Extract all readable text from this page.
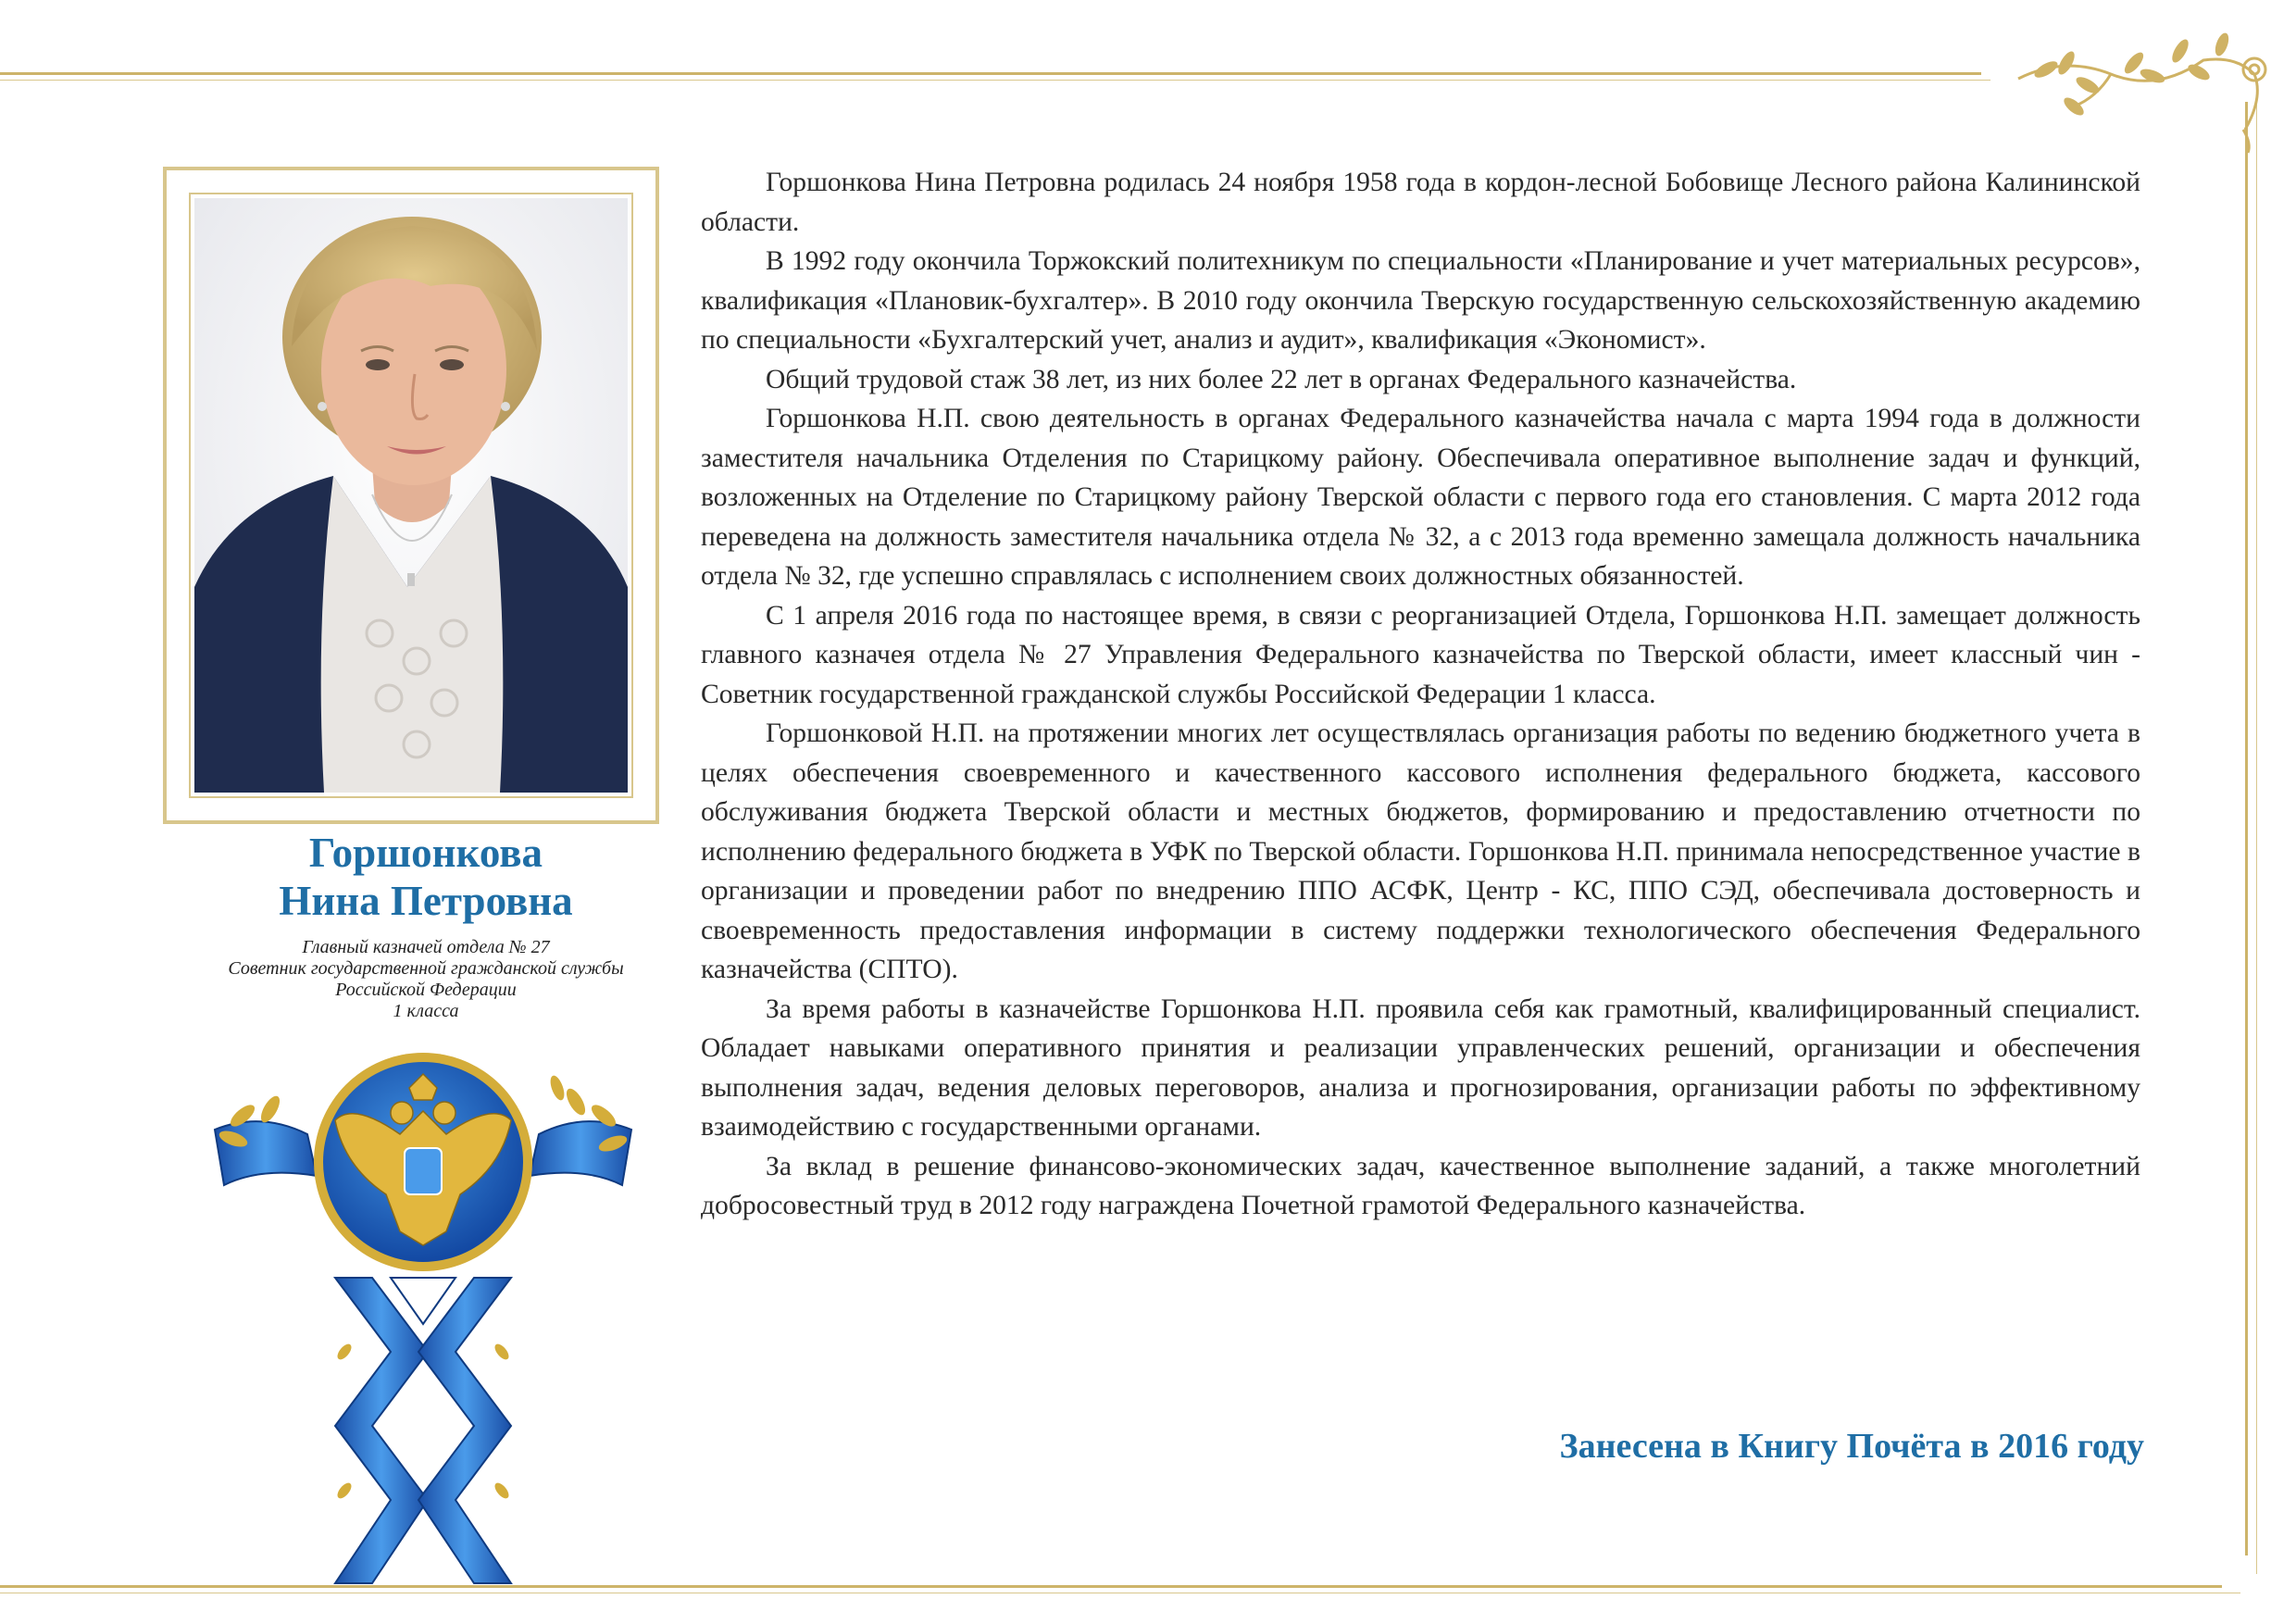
Горшонкова
Нина Петровна
Главный казначей отдела № 27
Советник государственной гражданской службы
Российской Федерации
1 класса

Горшонкова Нина Петровна родилась 24 ноября 1958 года в кордон-лесной Бобовище Лесного района Калининской области.

В 1992 году окончила Торжокский политехникум по специальности «Планирование и учет материальных ресурсов», квалификация «Плановик-бухгалтер». В 2010 году окончила Тверскую государственную сельскохозяйственную академию по специальности «Бухгалтерский учет, анализ и аудит», квалификация «Экономист».

Общий трудовой стаж 38 лет, из них более 22 лет в органах Федерального казначейства.

Горшонкова Н.П. свою деятельность в органах Федерального казначейства начала с марта 1994 года в должности заместителя начальника Отделения по Старицкому району. Обеспечивала оперативное выполнение задач и функций, возложенных на Отделение по Старицкому району Тверской области с первого года его становления. С марта 2012 года переведена на должность заместителя начальника отдела № 32, а с 2013 года временно замещала должность начальника отдела № 32, где успешно справлялась с исполнением своих должностных обязанностей.

С 1 апреля 2016 года по настоящее время, в связи с реорганизацией Отдела, Горшонкова Н.П. замещает должность главного казначея отдела № 27 Управления Федерального казначейства по Тверской области, имеет классный чин - Советник государственной гражданской службы Российской Федерации 1 класса.

Горшонковой Н.П. на протяжении многих лет осуществлялась организация работы по ведению бюджетного учета в целях обеспечения своевременного и качественного кассового исполнения федерального бюджета, кассового обслуживания бюджета Тверской области и местных бюджетов, формированию и предоставлению отчетности по исполнению федерального бюджета в УФК по Тверской области. Горшонкова Н.П. принимала непосредственное участие в организации и проведении работ по внедрению ППО АСФК, Центр - КС, ППО СЭД, обеспечивала достоверность и своевременность предоставления информации в систему поддержки технологического обеспечения Федерального казначейства (СПТО).

За время работы в казначействе Горшонкова Н.П. проявила себя как грамотный, квалифицированный специалист. Обладает навыками оперативного принятия и реализации управленческих решений, организации и обеспечения выполнения задач, ведения деловых переговоров, анализа и прогнозирования, организации работы по эффективному взаимодействию с государственными органами.

За вклад в решение финансово-экономических задач, качественное выполнение заданий, а также многолетний добросовестный труд в 2012 году награждена Почетной грамотой Федерального казначейства.

Занесена в Книгу Почёта в 2016 году
